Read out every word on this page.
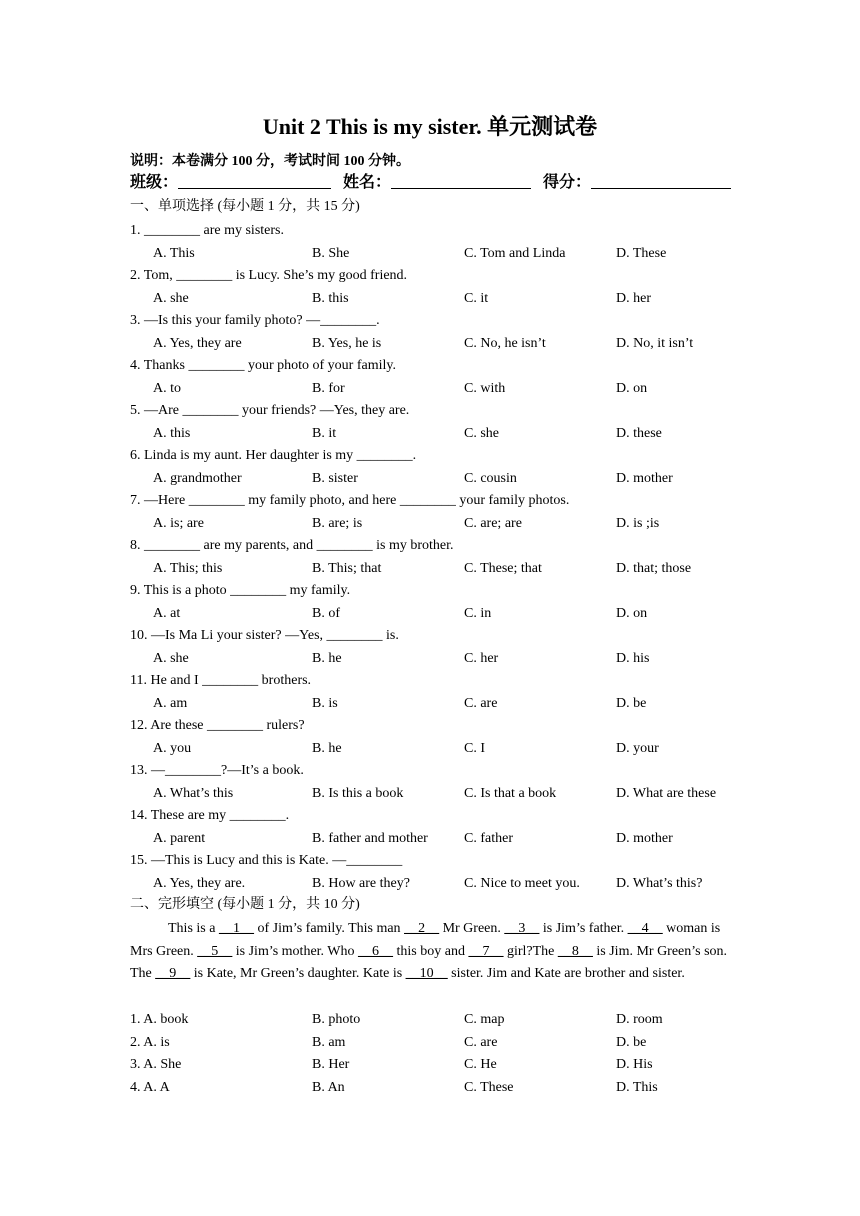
Unit 2 This is my sister. 单元测试卷
说明：本卷满分 100 分，考试时间 100 分钟。
班级：	姓名：	得分：
一、单项选择 (每小题 1 分，共 15 分)
1. ________ are my sisters.
A. This	B. She	C. Tom and Linda	D. These
2. Tom, ________ is Lucy. She’s my good friend.
A. she	B. this	C. it	D. her
3. —Is this your family photo? —________.
A. Yes, they are	B. Yes, he is	C. No, he isn’t	D. No, it isn’t
4. Thanks ________ your photo of your family.
A. to	B. for	C. with	D. on
5. —Are ________ your friends? —Yes, they are.
A. this	B. it	C. she	D. these
6. Linda is my aunt. Her daughter is my ________.
A. grandmother	B. sister	C. cousin	D. mother
7. —Here ________ my family photo, and here ________ your family photos.
A. is; are	B. are; is	C. are; are	D. is ;is
8. ________ are my parents, and ________ is my brother.
A. This; this	B. This; that	C. These; that	D. that; those
9. This is a photo ________ my family.
A. at	B. of	C. in	D. on
10. —Is Ma Li your sister? —Yes, ________ is.
A. she	B. he	C. her	D. his
11. He and I ________ brothers.
A. am	B. is	C. are	D. be
12. Are these ________ rulers?
A. you	B. he	C. I	D. your
13. —________?—It’s a book.
A. What’s this	B. Is this a book	C. Is that a book	D. What are these
14. These are my ________.
A. parent	B. father and mother	C. father	D. mother
15. —This is Lucy and this is Kate. —________
A. Yes, they are.	B. How are they?	C. Nice to meet you.	D. What’s this?
二、完形填空 (每小题 1 分，共 10 分)
This is a __1__ of Jim’s family. This man __2__ Mr Green. __3__ is Jim’s father. __4__ woman is Mrs Green. __5__ is Jim’s mother. Who __6__ this boy and __7__ girl?The __8__ is Jim. Mr Green’s son. The __9__ is Kate, Mr Green’s daughter. Kate is __10__ sister. Jim and Kate are brother and sister.
1. A. book	B. photo	C. map	D. room
2. A. is	B. am	C. are	D. be
3. A. She	B. Her	C. He	D. His
4. A. A	B. An	C. These	D. This
